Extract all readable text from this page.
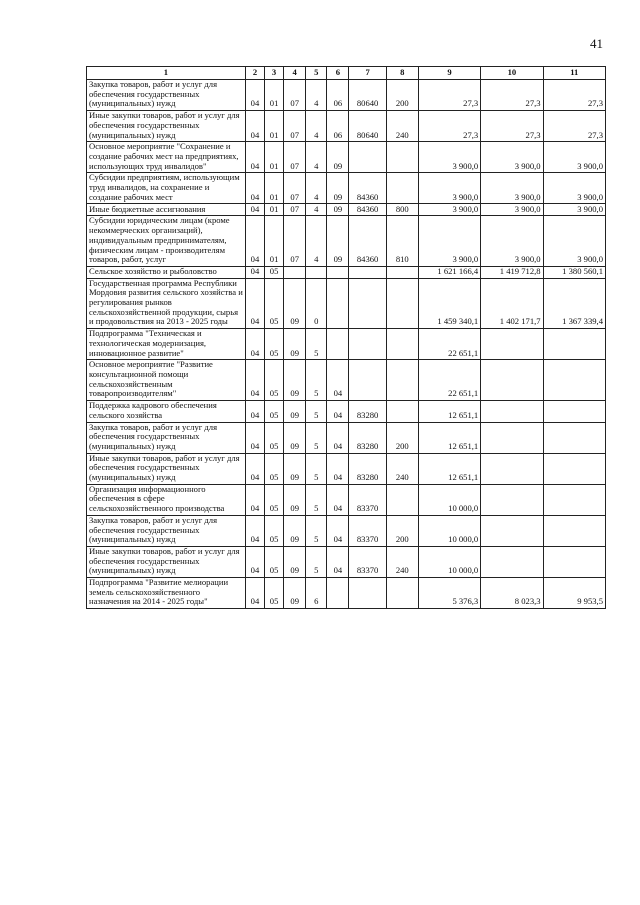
41
1	2	3	4	5	6	7	8	9	10	11
Закупка товаров, работ и услуг для обеспечения государственных (муниципальных) нужд	04	01	07	4	06	80640	200	27,3	27,3	27,3
Иные закупки товаров, работ и услуг для обеспечения государственных (муниципальных) нужд	04	01	07	4	06	80640	240	27,3	27,3	27,3
Основное мероприятие "Сохранение и создание рабочих мест на предприятиях, использующих труд инвалидов"	04	01	07	4	09			3 900,0	3 900,0	3 900,0
Субсидии предприятиям, использующим труд инвалидов, на сохранение и создание рабочих мест	04	01	07	4	09	84360		3 900,0	3 900,0	3 900,0
Иные бюджетные ассигнования	04	01	07	4	09	84360	800	3 900,0	3 900,0	3 900,0
Субсидии юридическим лицам (кроме некоммерческих организаций), индивидуальным предпринимателям, физическим лицам - производителям товаров, работ, услуг	04	01	07	4	09	84360	810	3 900,0	3 900,0	3 900,0
Сельское хозяйство и рыболовство	04	05						1 621 166,4	1 419 712,8	1 380 560,1
Государственная программа Республики Мордовия развития сельского хозяйства и регулирования рынков сельскохозяйственной продукции, сырья и продовольствия на 2013 - 2025 годы	04	05	09	0				1 459 340,1	1 402 171,7	1 367 339,4
Подпрограмма "Техническая и технологическая модернизация, инновационное развитие"	04	05	09	5				22 651,1		
Основное мероприятие "Развитие консультационной помощи сельскохозяйственным товаропроизводителям"	04	05	09	5	04			22 651,1		
Поддержка кадрового обеспечения сельского хозяйства	04	05	09	5	04	83280		12 651,1		
Закупка товаров, работ и услуг для обеспечения государственных (муниципальных) нужд	04	05	09	5	04	83280	200	12 651,1		
Иные закупки товаров, работ и услуг для обеспечения государственных (муниципальных) нужд	04	05	09	5	04	83280	240	12 651,1		
Организация информационного обеспечения в сфере сельскохозяйственного производства	04	05	09	5	04	83370		10 000,0		
Закупка товаров, работ и услуг для обеспечения государственных (муниципальных) нужд	04	05	09	5	04	83370	200	10 000,0		
Иные закупки товаров, работ и услуг для обеспечения государственных (муниципальных) нужд	04	05	09	5	04	83370	240	10 000,0		
Подпрограмма "Развитие мелиорации земель сельскохозяйственного назначения на 2014 - 2025 годы"	04	05	09	6				5 376,3	8 023,3	9 953,5
